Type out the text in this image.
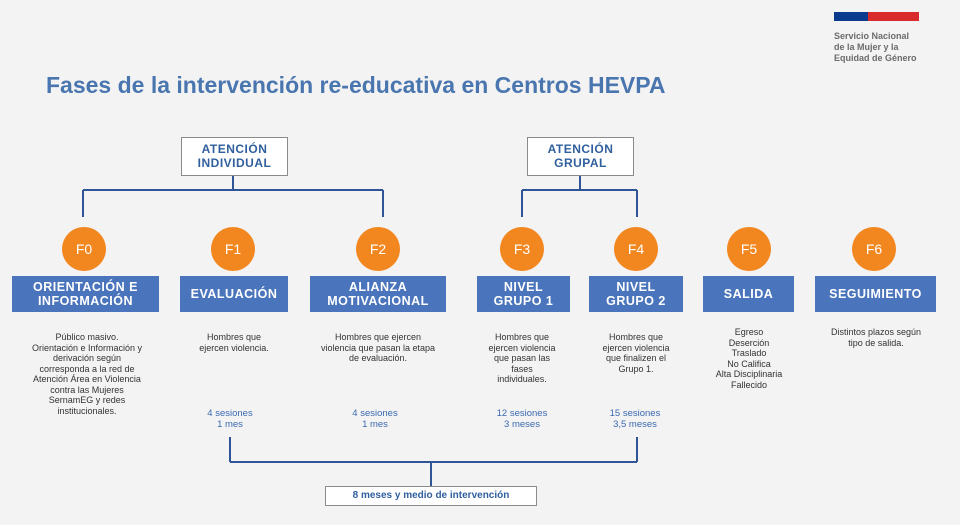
Servicio Nacional
de la Mujer y la
Equidad de Género
Fases de la intervención re-educativa en Centros HEVPA
ATENCIÓN
INDIVIDUAL
ATENCIÓN
GRUPAL
F0
ORIENTACIÓN E
INFORMACIÓN
Público masivo.
Orientación e Información y
derivación según
corresponda a la red de
Atención Área en Violencia
contra las Mujeres
SernamEG y redes
institucionales.
F1
EVALUACIÓN
Hombres que
ejercen violencia.
4 sesiones
1 mes
F2
ALIANZA
MOTIVACIONAL
Hombres que ejercen
violencia que pasan la etapa
de evaluación.
4 sesiones
1 mes
F3
NIVEL
GRUPO 1
Hombres que
ejercen violencia
que pasan las
fases
individuales.
12 sesiones
3 meses
F4
NIVEL
GRUPO 2
Hombres que
ejercen violencia
que finalizen el
Grupo 1.
15 sesiones
3,5 meses
F5
SALIDA
Egreso
Deserción
Traslado
No Califica
Alta Disciplinaria
Fallecido
F6
SEGUIMIENTO
Distintos plazos según
tipo de salida.
8 meses y medio de intervención
